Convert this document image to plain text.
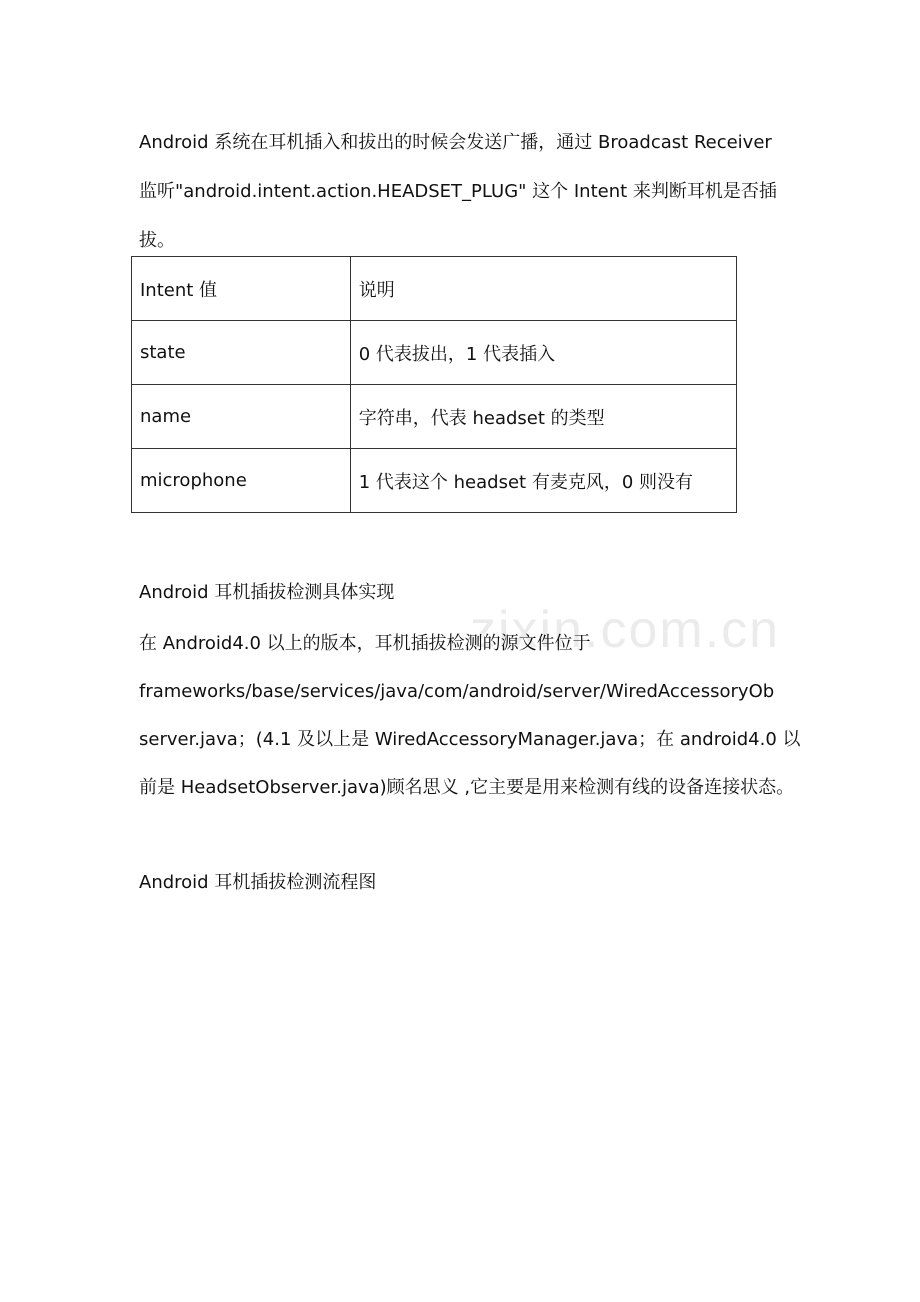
Android 系统在耳机插入和拔出的时候会发送广播，通过 Broadcast Receiver
监听"android.intent.action.HEADSET_PLUG" 这个 Intent 来判断耳机是否插
拔。
Intent 值	说明
state	0 代表拔出，1 代表插入
name	字符串，代表 headset 的类型
microphone	1 代表这个 headset 有麦克风，0 则没有
Android 耳机插拔检测具体实现
在 Android4.0 以上的版本，耳机插拔检测的源文件位于
frameworks/base/services/java/com/android/server/WiredAccessoryOb
server.java；(4.1 及以上是 WiredAccessoryManager.java；在 android4.0 以
前是 HeadsetObserver.java)顾名思义 ,它主要是用来检测有线的设备连接状态。
Android 耳机插拔检测流程图
zixin.com.cn
